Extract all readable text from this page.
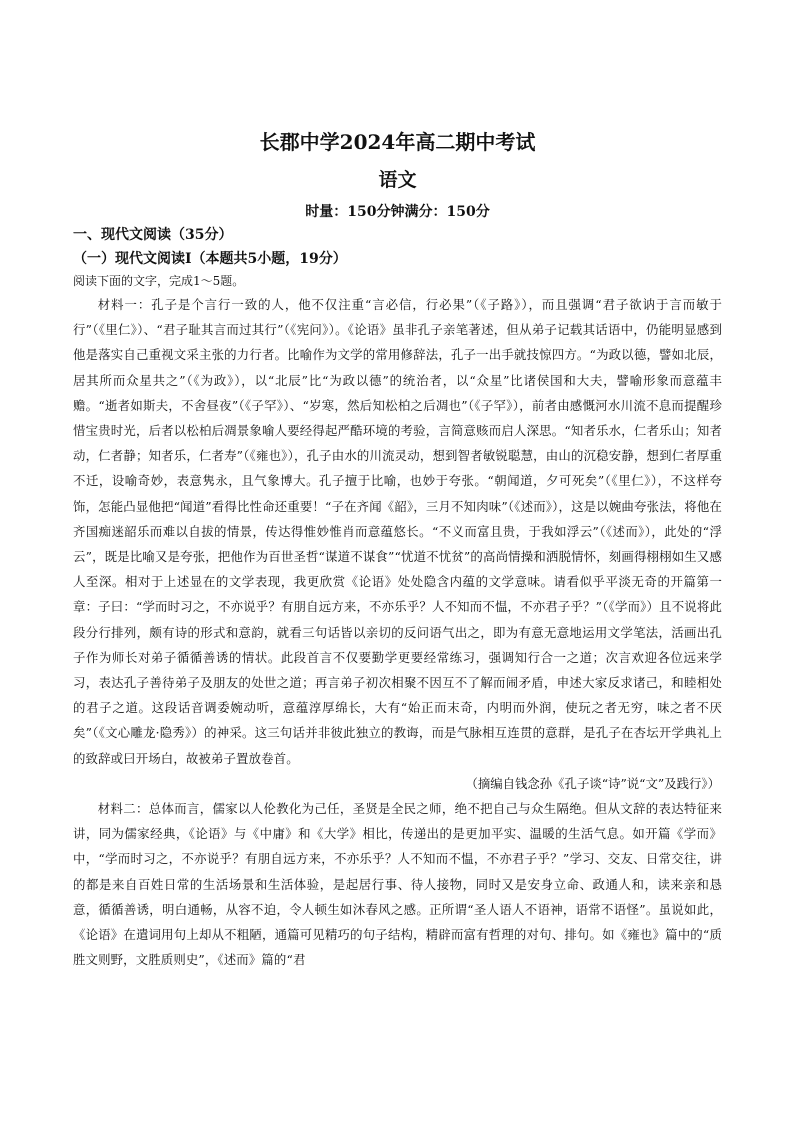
长郡中学2024年高二期中考试

语文

时量：150分钟满分：150分

一、现代文阅读（35分）

（一）现代文阅读Ⅰ（本题共5小题，19分）

阅读下面的文字，完成1～5题。

材料一：孔子是个言行一致的人，他不仅注重“言必信，行必果”（《子路》），而且强调“君子欲讷于言而敏于行”（《里仁》）、“君子耻其言而过其行”（《宪问》）。《论语》虽非孔子亲笔著述，但从弟子记载其话语中，仍能明显感到他是落实自己重视文采主张的力行者。比喻作为文学的常用修辞法，孔子一出手就技惊四方。“为政以德，譬如北辰，居其所而众星共之”（《为政》），以“北辰”比“为政以德”的统治者，以“众星”比诸侯国和大夫，譬喻形象而意蕴丰赡。“逝者如斯夫，不舍昼夜”（《子罕》）、“岁寒，然后知松柏之后凋也”（《子罕》），前者由感慨河水川流不息而提醒珍惜宝贵时光，后者以松柏后凋景象喻人要经得起严酷环境的考验，言简意赅而启人深思。“知者乐水，仁者乐山；知者动，仁者静；知者乐，仁者寿”（《雍也》），孔子由水的川流灵动，想到智者敏锐聪慧，由山的沉稳安静，想到仁者厚重不迁，设喻奇妙，表意隽永，且气象博大。孔子擅于比喻，也妙于夸张。“朝闻道，夕可死矣”（《里仁》），不这样夸饰，怎能凸显他把“闻道”看得比性命还重要！“子在齐闻《韶》，三月不知肉味”（《述而》），这是以婉曲夸张法，将他在齐国痴迷韶乐而难以自拔的情景，传达得惟妙惟肖而意蕴悠长。“不义而富且贵，于我如浮云”（《述而》），此处的“浮云”，既是比喻又是夸张，把他作为百世圣哲“谋道不谋食”“忧道不忧贫”的高尚情操和洒脱情怀，刻画得栩栩如生又感人至深。相对于上述显在的文学表现，我更欣赏《论语》处处隐含内蕴的文学意味。请看似乎平淡无奇的开篇第一章：子曰：“学而时习之，不亦说乎？有朋自远方来，不亦乐乎？人不知而不愠，不亦君子乎？”（《学而》）且不说将此段分行排列，颇有诗的形式和意韵，就看三句话皆以亲切的反问语气出之，即为有意无意地运用文学笔法，活画出孔子作为师长对弟子循循善诱的情状。此段首言不仅要勤学更要经常练习，强调知行合一之道；次言欢迎各位远来学习，表达孔子善待弟子及朋友的处世之道；再言弟子初次相聚不因互不了解而闹矛盾，申述大家反求诸己，和睦相处的君子之道。这段话音调委婉动听，意蕴淳厚绵长，大有“始正而末奇，内明而外润，使玩之者无穷，味之者不厌矣”（《文心雕龙·隐秀》）的神采。这三句话并非彼此独立的教诲，而是气脉相互连贯的意群，是孔子在杏坛开学典礼上的致辞或曰开场白，故被弟子置放卷首。

（摘编自钱念孙《孔子谈“诗”说“文”及践行》）

材料二：总体而言，儒家以人伦教化为己任，圣贤是全民之师，绝不把自己与众生隔绝。但从文辞的表达特征来讲，同为儒家经典，《论语》与《中庸》和《大学》相比，传递出的是更加平实、温暖的生活气息。如开篇《学而》中，“学而时习之，不亦说乎？有朋自远方来，不亦乐乎？人不知而不愠，不亦君子乎？”学习、交友、日常交往，讲的都是来自百姓日常的生活场景和生活体验，是起居行事、待人接物，同时又是安身立命、政通人和，读来亲和恳意，循循善诱，明白通畅，从容不迫，令人顿生如沐春风之感。正所谓“圣人语人不语神，语常不语怪”。虽说如此，《论语》在遣词用句上却从不粗陋，通篇可见精巧的句子结构，精辟而富有哲理的对句、排句。如《雍也》篇中的“质胜文则野，文胜质则史”，《述而》篇的“君
